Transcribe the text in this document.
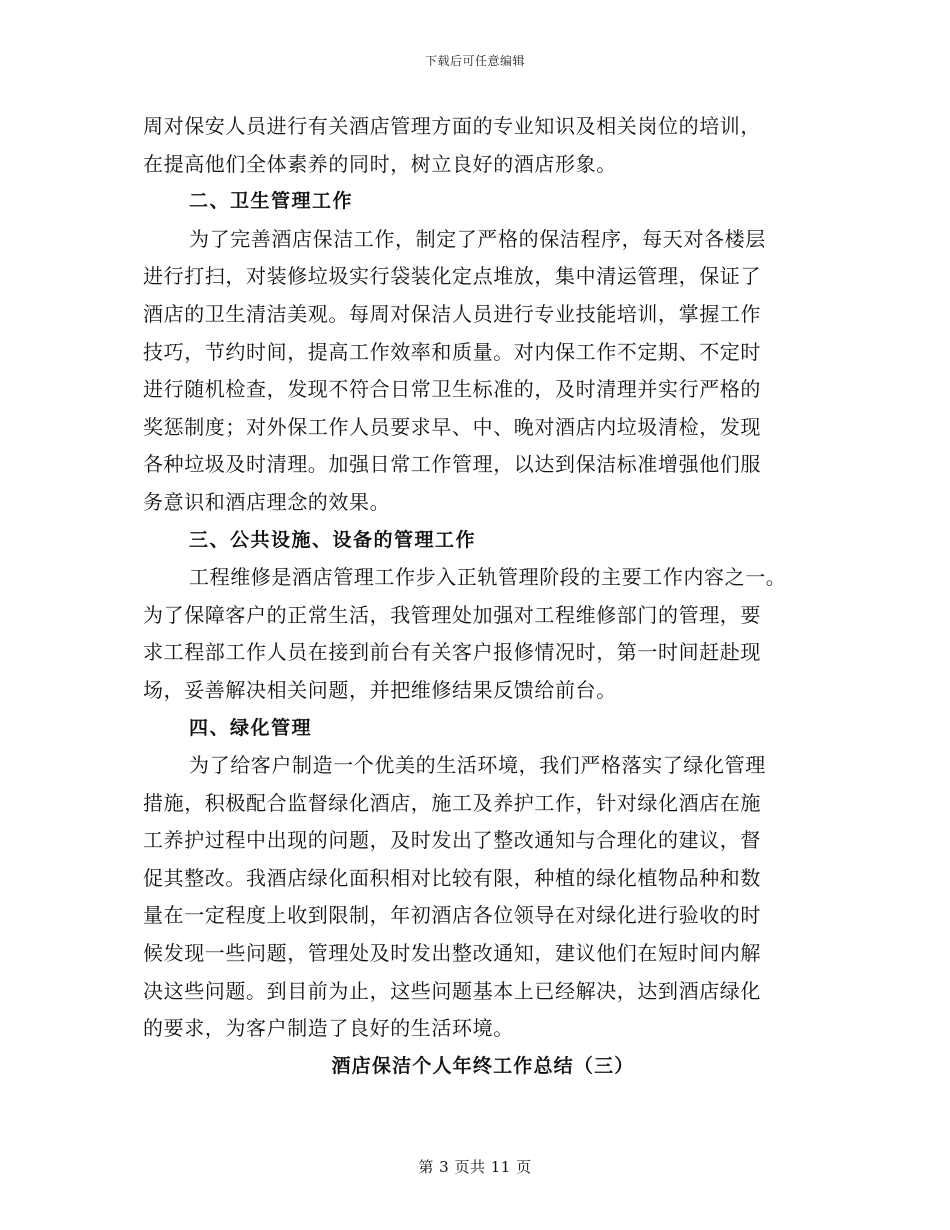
下载后可任意编辑
周对保安人员进行有关酒店管理方面的专业知识及相关岗位的培训，
在提高他们全体素养的同时，树立良好的酒店形象。
二、卫生管理工作
为了完善酒店保洁工作，制定了严格的保洁程序，每天对各楼层
进行打扫，对装修垃圾实行袋装化定点堆放，集中清运管理，保证了
酒店的卫生清洁美观。每周对保洁人员进行专业技能培训，掌握工作
技巧，节约时间，提高工作效率和质量。对内保工作不定期、不定时
进行随机检查，发现不符合日常卫生标准的，及时清理并实行严格的
奖惩制度；对外保工作人员要求早、中、晚对酒店内垃圾清检，发现
各种垃圾及时清理。加强日常工作管理，以达到保洁标准增强他们服
务意识和酒店理念的效果。
三、公共设施、设备的管理工作
工程维修是酒店管理工作步入正轨管理阶段的主要工作内容之一。
为了保障客户的正常生活，我管理处加强对工程维修部门的管理，要
求工程部工作人员在接到前台有关客户报修情况时，第一时间赶赴现
场，妥善解决相关问题，并把维修结果反馈给前台。
四、绿化管理
为了给客户制造一个优美的生活环境，我们严格落实了绿化管理
措施，积极配合监督绿化酒店，施工及养护工作，针对绿化酒店在施
工养护过程中出现的问题，及时发出了整改通知与合理化的建议，督
促其整改。我酒店绿化面积相对比较有限，种植的绿化植物品种和数
量在一定程度上收到限制，年初酒店各位领导在对绿化进行验收的时
候发现一些问题，管理处及时发出整改通知，建议他们在短时间内解
决这些问题。到目前为止，这些问题基本上已经解决，达到酒店绿化
的要求，为客户制造了良好的生活环境。
酒店保洁个人年终工作总结（三）
第 3 页共 11 页
